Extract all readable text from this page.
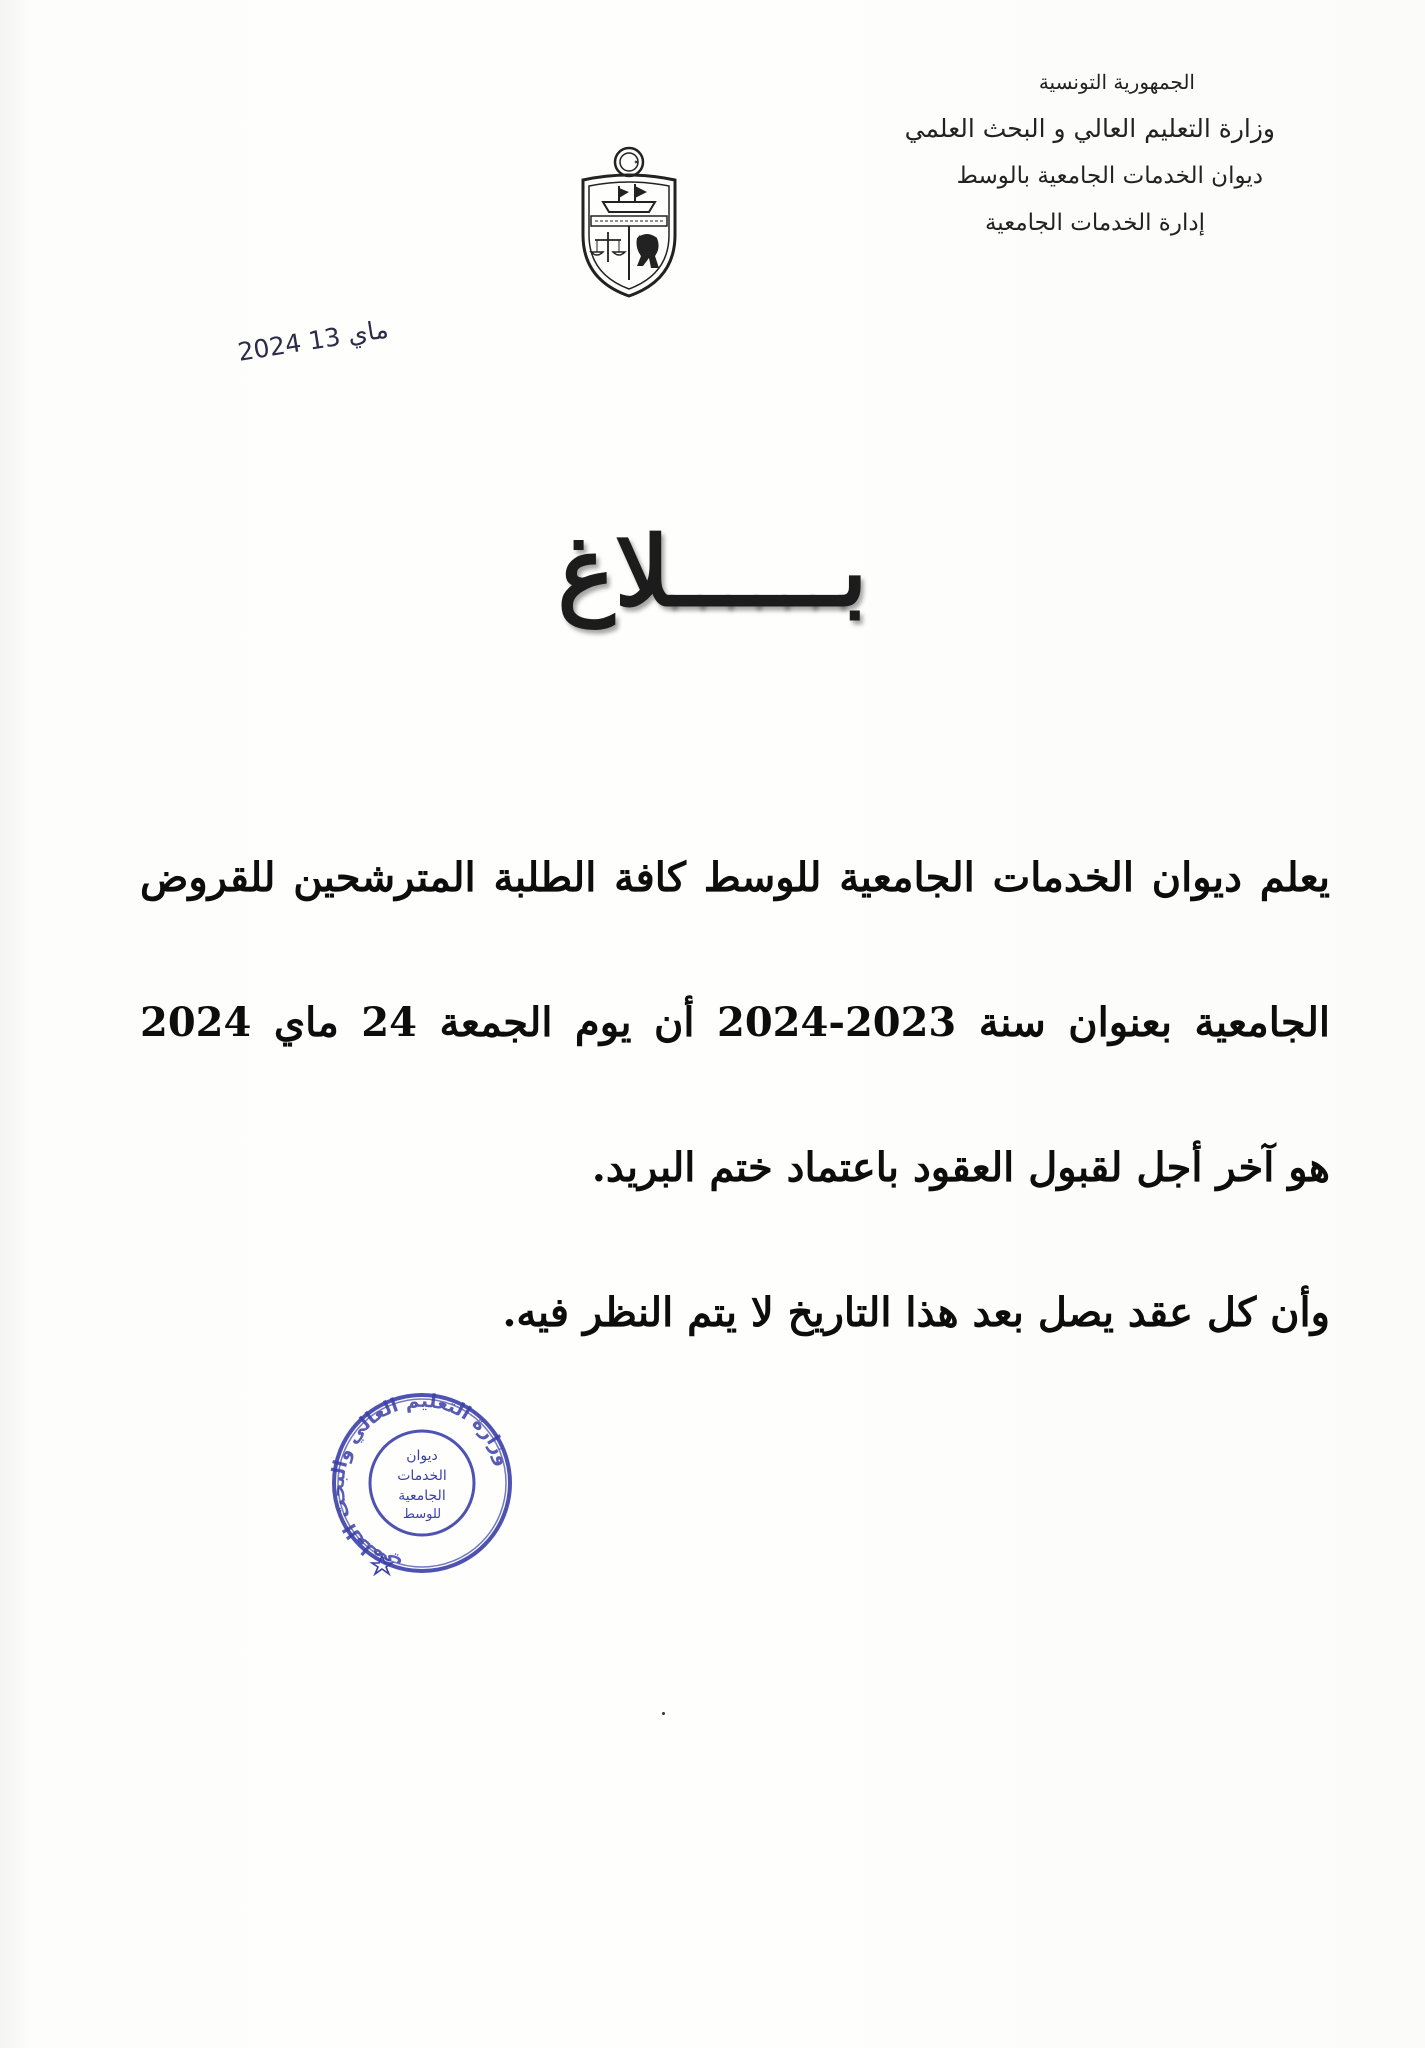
الجمهورية التونسية
وزارة التعليم العالي و البحث العلمي
ديوان الخدمات الجامعية بالوسط
إدارة الخدمات الجامعية
2024 ماي 13
بــــــلاغ
يعلم ديوان الخدمات الجامعية للوسط كافة الطلبة المترشحين للقروض
الجامعية بعنوان سنة 2023-2024 أن يوم الجمعة 24 ماي 2024
هو آخر أجل لقبول العقود باعتماد ختم البريد.
وأن كل عقد يصل بعد هذا التاريخ لا يتم النظر فيه.
وزارة التعليم العالي والبحث العلمي
ديوان
الخدمات
الجامعية
للوسط
